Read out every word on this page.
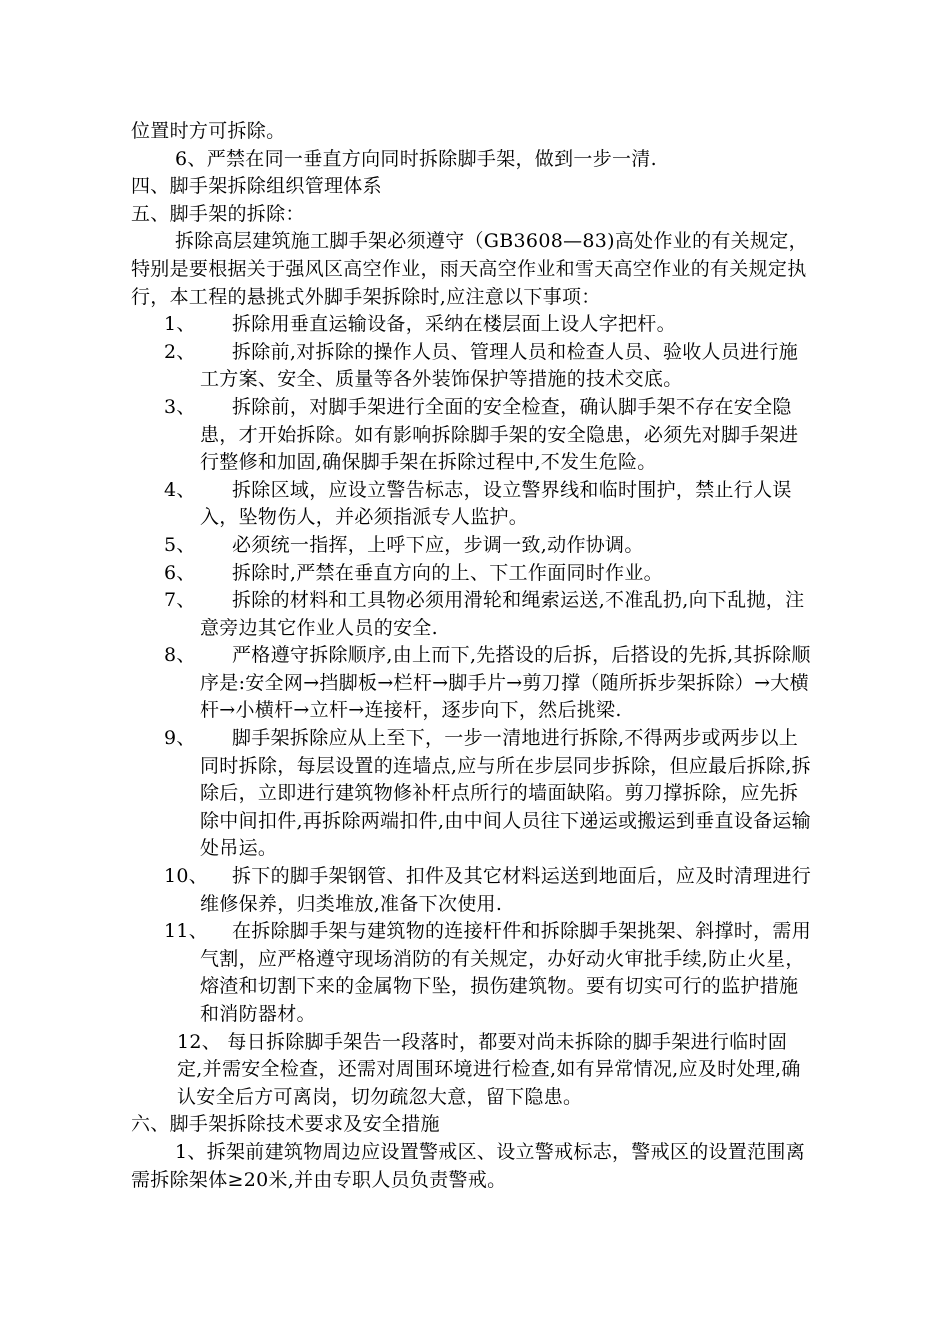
位置时方可拆除。

6、严禁在同一垂直方向同时拆除脚手架，做到一步一清.

四、脚手架拆除组织管理体系

五、脚手架的拆除：

拆除高层建筑施工脚手架必须遵守（GB3608—83)高处作业的有关规定，特别是要根据关于强风区高空作业，雨天高空作业和雪天高空作业的有关规定执行，本工程的悬挑式外脚手架拆除时,应注意以下事项：

1、	拆除用垂直运输设备，采纳在楼层面上设人字把杆。
2、	拆除前,对拆除的操作人员、管理人员和检查人员、验收人员进行施工方案、安全、质量等各外装饰保护等措施的技术交底。
3、	拆除前，对脚手架进行全面的安全检查，确认脚手架不存在安全隐患，才开始拆除。如有影响拆除脚手架的安全隐患，必须先对脚手架进行整修和加固,确保脚手架在拆除过程中,不发生危险。
4、	拆除区域，应设立警告标志，设立警界线和临时围护，禁止行人误入，坠物伤人，并必须指派专人监护。
5、	必须统一指挥，上呼下应，步调一致,动作协调。
6、	拆除时,严禁在垂直方向的上、下工作面同时作业。
7、	拆除的材料和工具物必须用滑轮和绳索运送,不准乱扔,向下乱抛，注意旁边其它作业人员的安全.
8、	严格遵守拆除顺序,由上而下,先搭设的后拆，后搭设的先拆,其拆除顺序是:安全网→挡脚板→栏杆→脚手片→剪刀撑（随所拆步架拆除）→大横杆→小横杆→立杆→连接杆，逐步向下，然后挑梁.
9、	脚手架拆除应从上至下，一步一清地进行拆除,不得两步或两步以上同时拆除，每层设置的连墙点,应与所在步层同步拆除，但应最后拆除,拆除后，立即进行建筑物修补杆点所行的墙面缺陷。剪刀撑拆除，应先拆除中间扣件,再拆除两端扣件,由中间人员往下递运或搬运到垂直设备运输处吊运。
10、	拆下的脚手架钢管、扣件及其它材料运送到地面后，应及时清理进行维修保养，归类堆放,准备下次使用.
11、	在拆除脚手架与建筑物的连接杆件和拆除脚手架挑架、斜撑时，需用气割，应严格遵守现场消防的有关规定，办好动火审批手续,防止火星，熔渣和切割下来的金属物下坠，损伤建筑物。要有切实可行的监护措施和消防器材。

12、 每日拆除脚手架告一段落时，都要对尚未拆除的脚手架进行临时固定,并需安全检查，还需对周围环境进行检查,如有异常情况,应及时处理,确认安全后方可离岗，切勿疏忽大意，留下隐患。

六、脚手架拆除技术要求及安全措施

1、拆架前建筑物周边应设置警戒区、设立警戒标志，警戒区的设置范围离需拆除架体≥20米,并由专职人员负责警戒。
